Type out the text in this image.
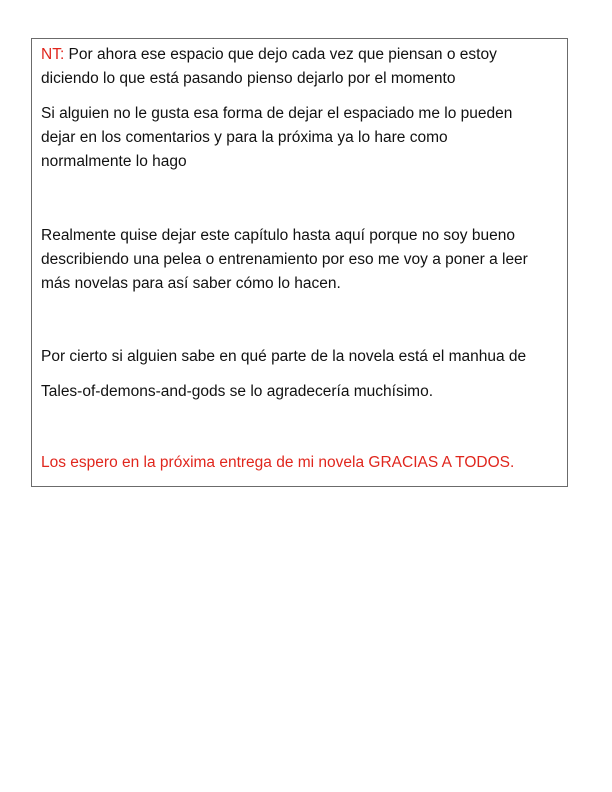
NT: Por ahora ese espacio que dejo cada vez que piensan o estoy
diciendo lo que está pasando pienso dejarlo por el momento

Si alguien no le gusta esa forma de dejar el espaciado me lo pueden
dejar en los comentarios y para la próxima ya lo hare como
normalmente lo hago

Realmente quise dejar este capítulo hasta aquí porque no soy bueno
describiendo una pelea o entrenamiento por eso me voy a poner a leer
más novelas para así saber cómo lo hacen.

Por cierto si alguien sabe en qué parte de la novela está el manhua de

Tales-of-demons-and-gods se lo agradecería muchísimo.

Los espero en la próxima entrega de mi novela GRACIAS A TODOS.
